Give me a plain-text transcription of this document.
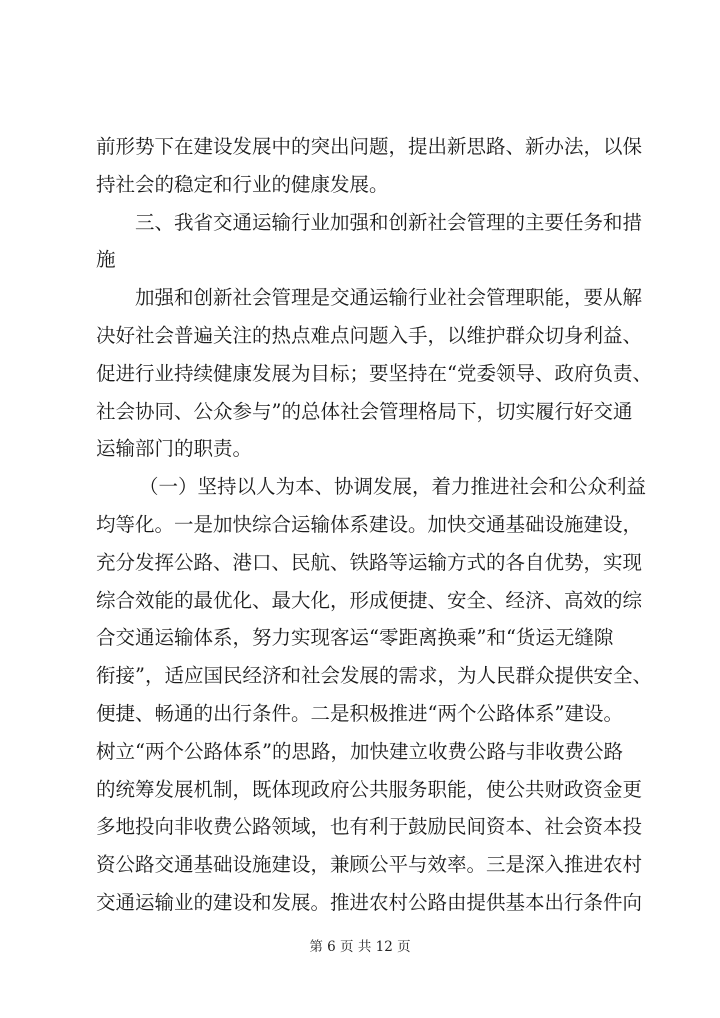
前形势下在建设发展中的突出问题，提出新思路、新办法，以保
持社会的稳定和行业的健康发展。
三、我省交通运输行业加强和创新社会管理的主要任务和措
施
加强和创新社会管理是交通运输行业社会管理职能，要从解
决好社会普遍关注的热点难点问题入手，以维护群众切身利益、
促进行业持续健康发展为目标；要坚持在“党委领导、政府负责、
社会协同、公众参与”的总体社会管理格局下，切实履行好交通
运输部门的职责。
（一）坚持以人为本、协调发展，着力推进社会和公众利益
均等化。一是加快综合运输体系建设。加快交通基础设施建设，
充分发挥公路、港口、民航、铁路等运输方式的各自优势，实现
综合效能的最优化、最大化，形成便捷、安全、经济、高效的综
合交通运输体系，努力实现客运“零距离换乘”和“货运无缝隙
衔接”，适应国民经济和社会发展的需求，为人民群众提供安全、
便捷、畅通的出行条件。二是积极推进“两个公路体系”建设。
树立“两个公路体系”的思路，加快建立收费公路与非收费公路
的统筹发展机制，既体现政府公共服务职能，使公共财政资金更
多地投向非收费公路领域，也有利于鼓励民间资本、社会资本投
资公路交通基础设施建设，兼顾公平与效率。三是深入推进农村
交通运输业的建设和发展。推进农村公路由提供基本出行条件向
第 6 页 共 12 页
